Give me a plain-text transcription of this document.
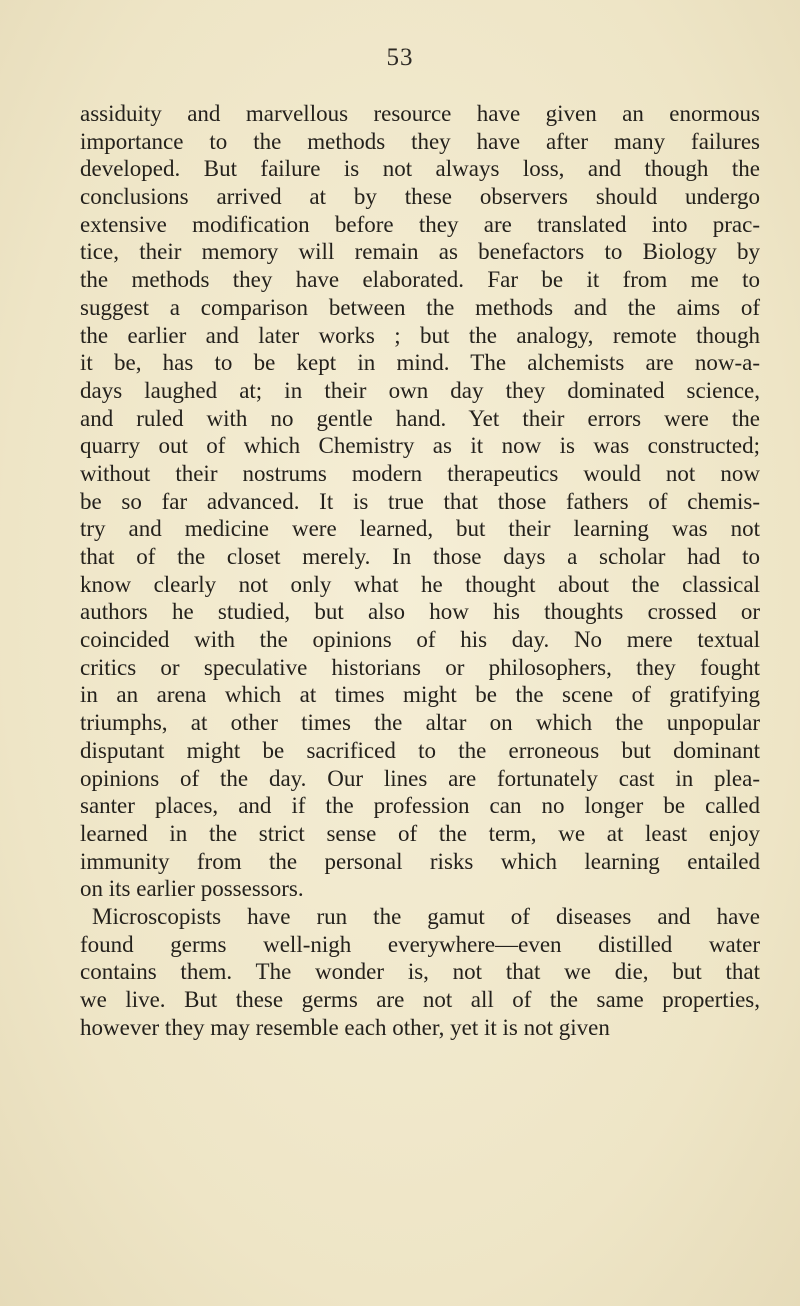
53
assiduity and marvellous resource have given an enormous
importance to the methods they have after many failures
developed. But failure is not always loss, and though the
conclusions arrived at by these observers should undergo
extensive modification before they are translated into prac-
tice, their memory will remain as benefactors to Biology by
the methods they have elaborated. Far be it from me to
suggest a comparison between the methods and the aims of
the earlier and later works ; but the analogy, remote though
it be, has to be kept in mind. The alchemists are now-a-
days laughed at; in their own day they dominated science,
and ruled with no gentle hand. Yet their errors were the
quarry out of which Chemistry as it now is was constructed;
without their nostrums modern therapeutics would not now
be so far advanced. It is true that those fathers of chemis-
try and medicine were learned, but their learning was not
that of the closet merely. In those days a scholar had to
know clearly not only what he thought about the classical
authors he studied, but also how his thoughts crossed or
coincided with the opinions of his day. No mere textual
critics or speculative historians or philosophers, they fought
in an arena which at times might be the scene of gratifying
triumphs, at other times the altar on which the unpopular
disputant might be sacrificed to the erroneous but dominant
opinions of the day. Our lines are fortunately cast in plea-
santer places, and if the profession can no longer be called
learned in the strict sense of the term, we at least enjoy
immunity from the personal risks which learning entailed
on its earlier possessors.
Microscopists have run the gamut of diseases and have
found germs well-nigh everywhere—even distilled water
contains them. The wonder is, not that we die, but that
we live. But these germs are not all of the same properties,
however they may resemble each other, yet it is not given
